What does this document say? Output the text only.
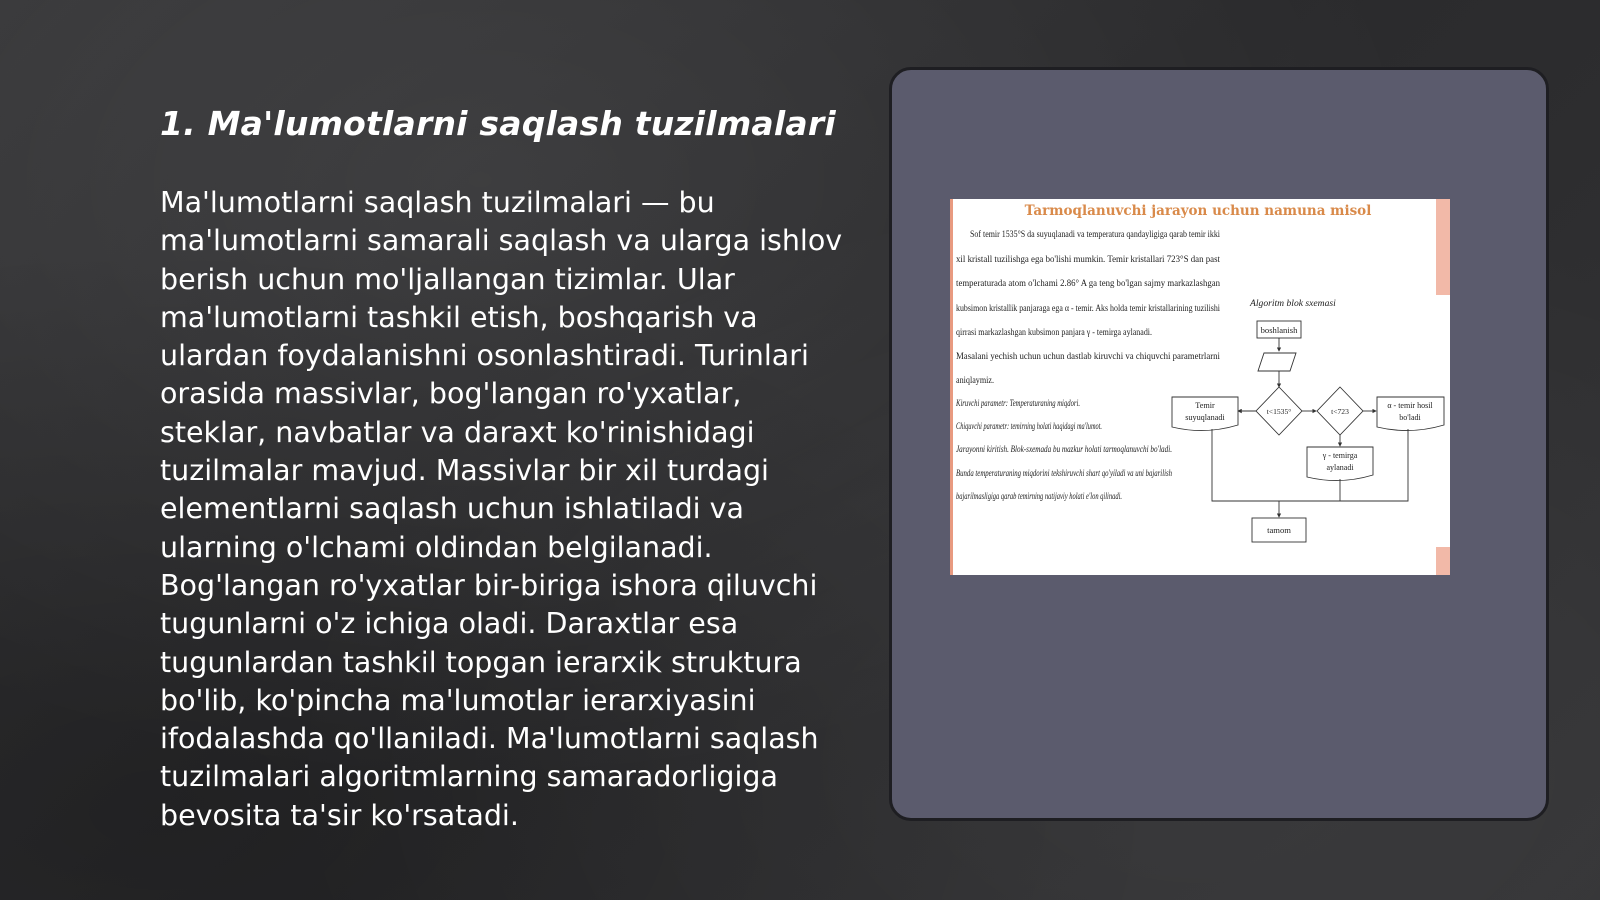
1. Ma'lumotlarni saqlash tuzilmalari

Ma'lumotlarni saqlash tuzilmalari — bu ma'lumotlarni samarali saqlash va ularga ishlov berish uchun mo'ljallangan tizimlar. Ular ma'lumotlarni tashkil etish, boshqarish va ulardan foydalanishni osonlashtiradi. Turinlari orasida massivlar, bog'langan ro'yxatlar, steklar, navbatlar va daraxt ko'rinishidagi tuzilmalar mavjud. Massivlar bir xil turdagi elementlarni saqlash uchun ishlatiladi va ularning o'lchami oldindan belgilanadi. Bog'langan ro'yxatlar bir-biriga ishora qiluvchi tugunlarni o'z ichiga oladi. Daraxtlar esa tugunlardan tashkil topgan ierarxik struktura bo'lib, ko'pincha ma'lumotlar ierarxiyasini ifodalashda qo'llaniladi. Ma'lumotlarni saqlash tuzilmalari algoritmlarning samaradorligiga bevosita ta'sir ko'rsatadi.

Tarmoqlanuvchi jarayon uchun namuna misol
Sof temir 1535°S da suyuqlanadi va temperatura qandayligiga qarab temir ikki
xil kristall tuzilishga ega bo'lishi mumkin. Temir kristallari 723°S dan past
temperaturada atom o'lchami 2.86° A ga teng bo'lgan sajmy markazlashgan
kubsimon kristallik panjaraga ega α - temir. Aks holda temir kristallarining tuzilishi
qirrasi markazlashgan kubsimon panjara γ - temirga aylanadi.
Masalani yechish uchun uchun dastlab kiruvchi va chiquvchi parametrlarni
aniqlaymiz.
Kiruvchi parametr: Temperaturaning miqdori.
Chiquvchi parametr: temirning holati haqidagi ma'lumot.
Jarayonni kiritish. Blok-sxemada bu mazkur holati tarmoqlanuvchi bo'ladi.
Bunda temperaturaning miqdorini tekshiruvchi shart qo'yiladi va uni bajarilish
bajarilmasligiga qarab temirning natijaviy holati e'lon qilinadi.
Algoritm blok sxemasi
boshlanish
t<1535°
Temir
suyuqlanadi
t<723
α - temir hosil
bo'ladi
γ - temirga
aylanadi
tamom
